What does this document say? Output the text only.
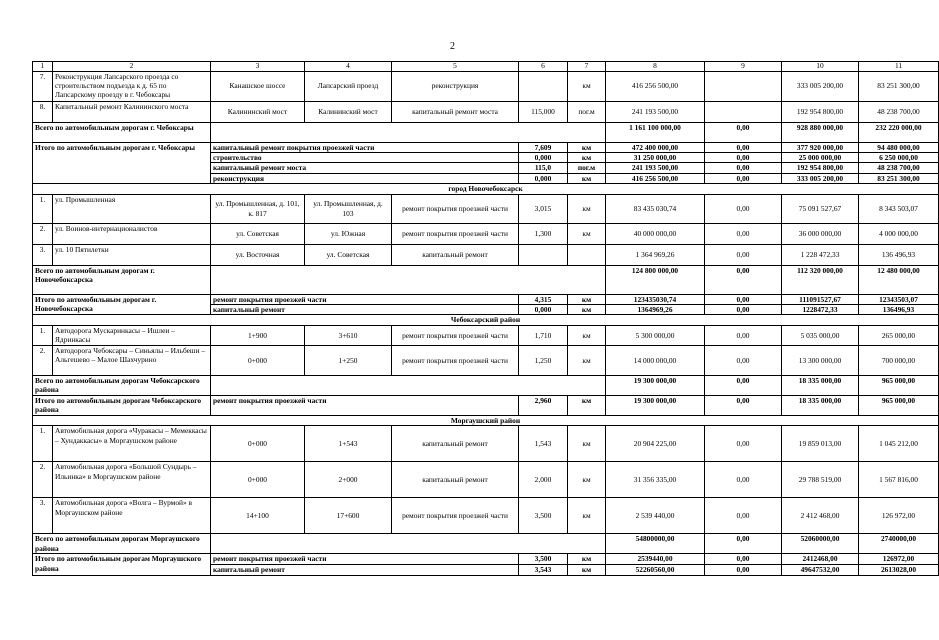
2
1	2	3	4	5	6	7	8	9	10	11
7.	Реконструкция Лапсарского проезда со строительством подъезда к д. 65 по Лапсарскому проезду в г. Чебоксары	Канашское шоссе	Лапсарский проезд	реконструкция		км	416 256 500,00		333 005 200,00	83 251 300,00
8.	Капитальный ремонт Калининского моста	Калининский мост	Калининский мост	капитальный ремонт моста	115,000	пог.м	241 193 500,00		192 954 800,00	48 238 700,00
Всего по автомобильным дорогам г. Чебоксары							1 161 100 000,00	0,00	928 880 000,00	232 220 000,00
Итого по автомобильным дорогам г. Чебоксары		капитальный ремонт покрытия проезжей части			7,609	км	472 400 000,00	0,00	377 920 000,00	94 480 000,00
		строительство			0,000	км	31 250 000,00	0,00	25 000 000,00	6 250 000,00
		капитальный ремонт моста			115,0	пог.м	241 193 500,00	0,00	192 954 800,00	48 238 700,00
		реконструкция			0,000	км	416 256 500,00	0,00	333 005 200,00	83 251 300,00
город Новочебоксарск										
1.	ул. Промышленная	ул. Промышленная, д. 101, к. 817	ул. Промышленная, д. 103	ремонт покрытия проезжей части	3,015	км	83 435 030,74	0,00	75 091 527,67	8 343 503,07
2.	ул. Воинов-интернационалистов	ул. Советская	ул. Южная	ремонт покрытия проезжей части	1,300	км	40 000 000,00	0,00	36 000 000,00	4 000 000,00
3.	ул. 10 Пятилетки	ул. Восточная	ул. Советская	капитальный ремонт			1 364 969,26	0,00	1 228 472,33	136 496,93
Всего по автомобильным дорогам г. Новочебоксарска							124 800 000,00	0,00	112 320 000,00	12 480 000,00
Итого по автомобильным дорогам г. Новочебоксарска		ремонт покрытия проезжей части			4,315	км	123435030,74	0,00	111091527,67	12343503,07
		капитальный ремонт			0,000	км	1364969,26	0,00	1228472,33	136496,93
Чебоксарский район										
1.	Автодорога Мускаринкасы – Ишлеи – Ядринкасы	1+900	3+610	ремонт покрытия проезжей части	1,710	км	5 300 000,00	0,00	5 035 000,00	265 000,00
2.	Автодорога Чебоксары – Синьялы – Ильбеши – Альгешево – Малое Шахчурино	0+000	1+250	ремонт покрытия проезжей части	1,250	км	14 000 000,00	0,00	13 300 000,00	700 000,00
Всего по автомобильным дорогам Чебоксарского района							19 300 000,00	0,00	18 335 000,00	965 000,00
Итого по автомобильным дорогам Чебоксарского района		ремонт покрытия проезжей части			2,960	км	19 300 000,00	0,00	18 335 000,00	965 000,00
Моргаушский район										
1.	Автомобильная дорога «Чуракасы – Мемеккасы – Хундаккасы» в Моргаушском районе	0+000	1+543	капитальный ремонт	1,543	км	20 904 225,00	0,00	19 859 013,00	1 045 212,00
2.	Автомобильная дорога «Большой Сундырь – Ильинка» в Моргаушском районе	0+000	2+000	капитальный ремонт	2,000	км	31 356 335,00	0,00	29 788 519,00	1 567 816,00
3.	Автомобильная дорога «Волга – Вурмой» в Моргаушском районе	14+100	17+600	ремонт покрытия проезжей части	3,500	км	2 539 440,00	0,00	2 412 468,00	126 972,00
Всего по автомобильным дорогам Моргаушского района							54800000,00	0,00	52060000,00	2740000,00
Итого по автомобильным дорогам Моргаушского района		ремонт покрытия проезжей части			3,500	км	2539440,00	0,00	2412468,00	126972,00
		капитальный ремонт			3,543	км	52260560,00	0,00	49647532,00	2613028,00
